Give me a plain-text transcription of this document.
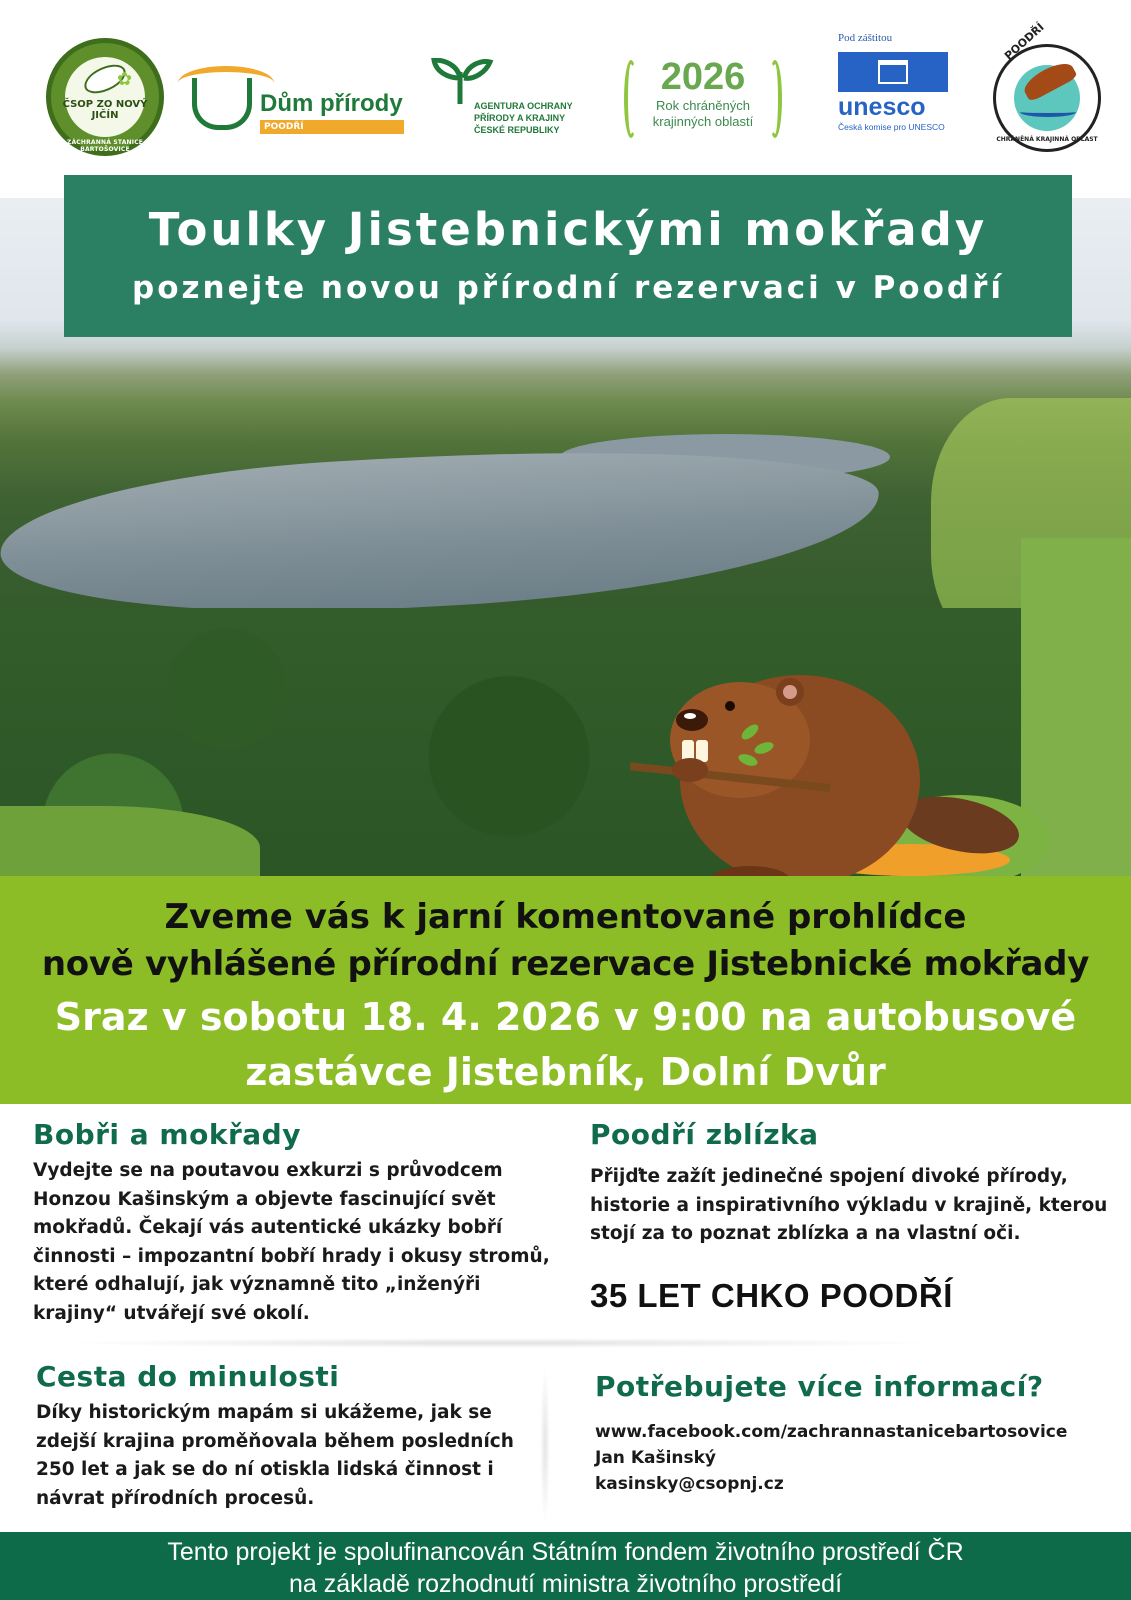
✿
ČSOP ZO NOVÝ JIČÍN
ZÁCHRANNÁ STANICE BARTOŠOVICE
Dům přírody
POODŘÍ
AGENTURA OCHRANY
PŘÍRODY A KRAJINY
ČESKÉ REPUBLIKY
2026
Rok chráněných
krajinných oblastí
Pod záštitou
unesco
Česká komise pro UNESCO
POODŘÍ
CHRÁNĚNÁ KRAJINNÁ OBLAST
Toulky Jistebnickými mokřady
poznejte novou přírodní rezervaci v Poodří
Zveme vás k jarní komentované prohlídce
nově vyhlášené přírodní rezervace Jistebnické mokřady
Sraz v sobotu 18. 4. 2026 v 9:00 na autobusové
zastávce Jistebník, Dolní Dvůr
Bobři a mokřady

Vydejte se na poutavou exkurzi s průvodcem Honzou Kašinským a objevte fascinující svět mokřadů. Čekají vás autentické ukázky bobří činnosti – impozantní bobří hrady i okusy stromů, které odhalují, jak významně tito „inženýři krajiny“ utvářejí své okolí.

Poodří zblízka

Přijďte zažít jedinečné spojení divoké přírody, historie a inspirativního výkladu v krajině, kterou stojí za to poznat zblízka a na vlastní oči.

35 LET CHKO POODŘÍ
Cesta do minulosti

Díky historickým mapám si ukážeme, jak se zdejší krajina proměňovala během posledních 250 let a jak se do ní otiskla lidská činnost i návrat přírodních procesů.

Potřebujete více informací?
www.facebook.com/zachrannastanicebartosovice
Jan Kašinský
kasinsky@csopnj.cz
Tento projekt je spolufinancován Státním fondem životního prostředí ČR
na základě rozhodnutí ministra životního prostředí
